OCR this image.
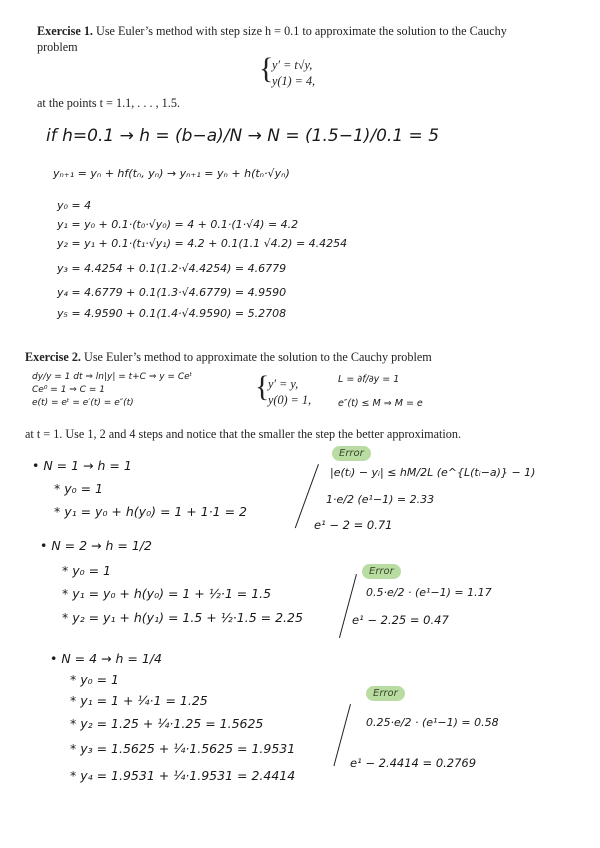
Exercise 1. Use Euler’s method with step size h = 0.1 to approximate the solution to the Cauchy
problem
{
y′ = t√y,
y(1) = 4,
at the points t = 1.1, . . . , 1.5.
if h=0.1 → h = (b−a)/N → N = (1.5−1)/0.1 = 5
yₙ₊₁ = yₙ + hf(tₙ, yₙ) → yₙ₊₁ = yₙ + h(tₙ·√yₙ)
y₀ = 4
y₁ = y₀ + 0.1·(t₀·√y₀) = 4 + 0.1·(1·√4) = 4.2
y₂ = y₁ + 0.1·(t₁·√y₁) = 4.2 + 0.1(1.1 √4.2) = 4.4254
y₃ = 4.4254 + 0.1(1.2·√4.4254) = 4.6779
y₄ = 4.6779 + 0.1(1.3·√4.6779) = 4.9590
y₅ = 4.9590 + 0.1(1.4·√4.9590) = 5.2708
Exercise 2. Use Euler’s method to approximate the solution to the Cauchy problem
dy/y = 1 dt ⇒ ln|y| = t+C ⇒ y = Ceᵗ
Ce⁰ = 1 ⇒ C = 1
e(t) = eᵗ = e′(t) = e″(t)	{
y′ = y,
y(0) = 1,
L = ∂f/∂y = 1
e″(t) ≤ M ⇒ M = e
at t = 1. Use 1, 2 and 4 steps and notice that the smaller the step the better approximation.
• N = 1 → h = 1
* y₀ = 1
* y₁ = y₀ + h(y₀) = 1 + 1·1 = 2
Error
|e(tᵢ) − yᵢ| ≤ hM/2L (e^{L(tᵢ−a)} − 1)
1·e/2 (e¹−1) = 2.33
e¹ − 2 = 0.71
• N = 2 → h = 1/2
* y₀ = 1
* y₁ = y₀ + h(y₀) = 1 + ½·1 = 1.5
* y₂ = y₁ + h(y₁) = 1.5 + ½·1.5 = 2.25
Error
0.5·e/2 · (e¹−1) = 1.17
e¹ − 2.25 = 0.47
• N = 4 → h = 1/4
* y₀ = 1
* y₁ = 1 + ¼·1 = 1.25
* y₂ = 1.25 + ¼·1.25 = 1.5625
* y₃ = 1.5625 + ¼·1.5625 = 1.9531
* y₄ = 1.9531 + ¼·1.9531 = 2.4414
Error
0.25·e/2 · (e¹−1) = 0.58
e¹ − 2.4414 = 0.2769
